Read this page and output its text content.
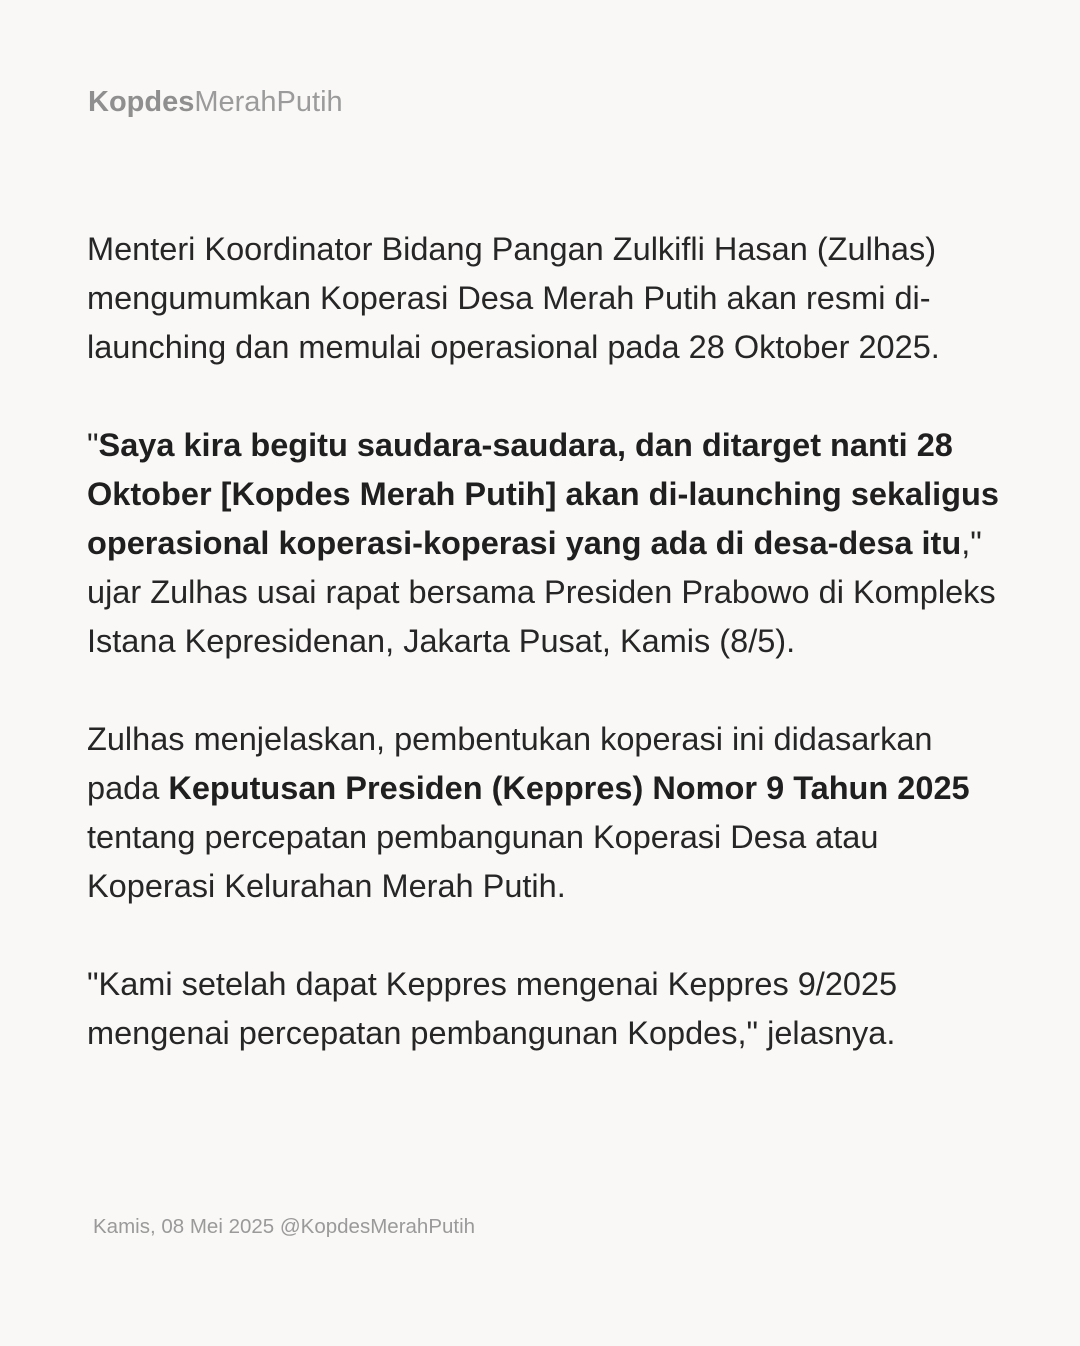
KopdesMerahPutih

Menteri Koordinator Bidang Pangan Zulkifli Hasan (Zulhas) mengumumkan Koperasi Desa Merah Putih akan resmi di-launching dan memulai operasional pada 28 Oktober 2025.

"Saya kira begitu saudara-saudara, dan ditarget nanti 28 Oktober [Kopdes Merah Putih] akan di-launching sekaligus operasional koperasi-koperasi yang ada di desa-desa itu," ujar Zulhas usai rapat bersama Presiden Prabowo di Kompleks Istana Kepresidenan, Jakarta Pusat, Kamis (8/5).

Zulhas menjelaskan, pembentukan koperasi ini didasarkan pada Keputusan Presiden (Keppres) Nomor 9 Tahun 2025 tentang percepatan pembangunan Koperasi Desa atau Koperasi Kelurahan Merah Putih.

"Kami setelah dapat Keppres mengenai Keppres 9/2025 mengenai percepatan pembangunan Kopdes," jelasnya.

Kamis, 08 Mei 2025 @KopdesMerahPutih
